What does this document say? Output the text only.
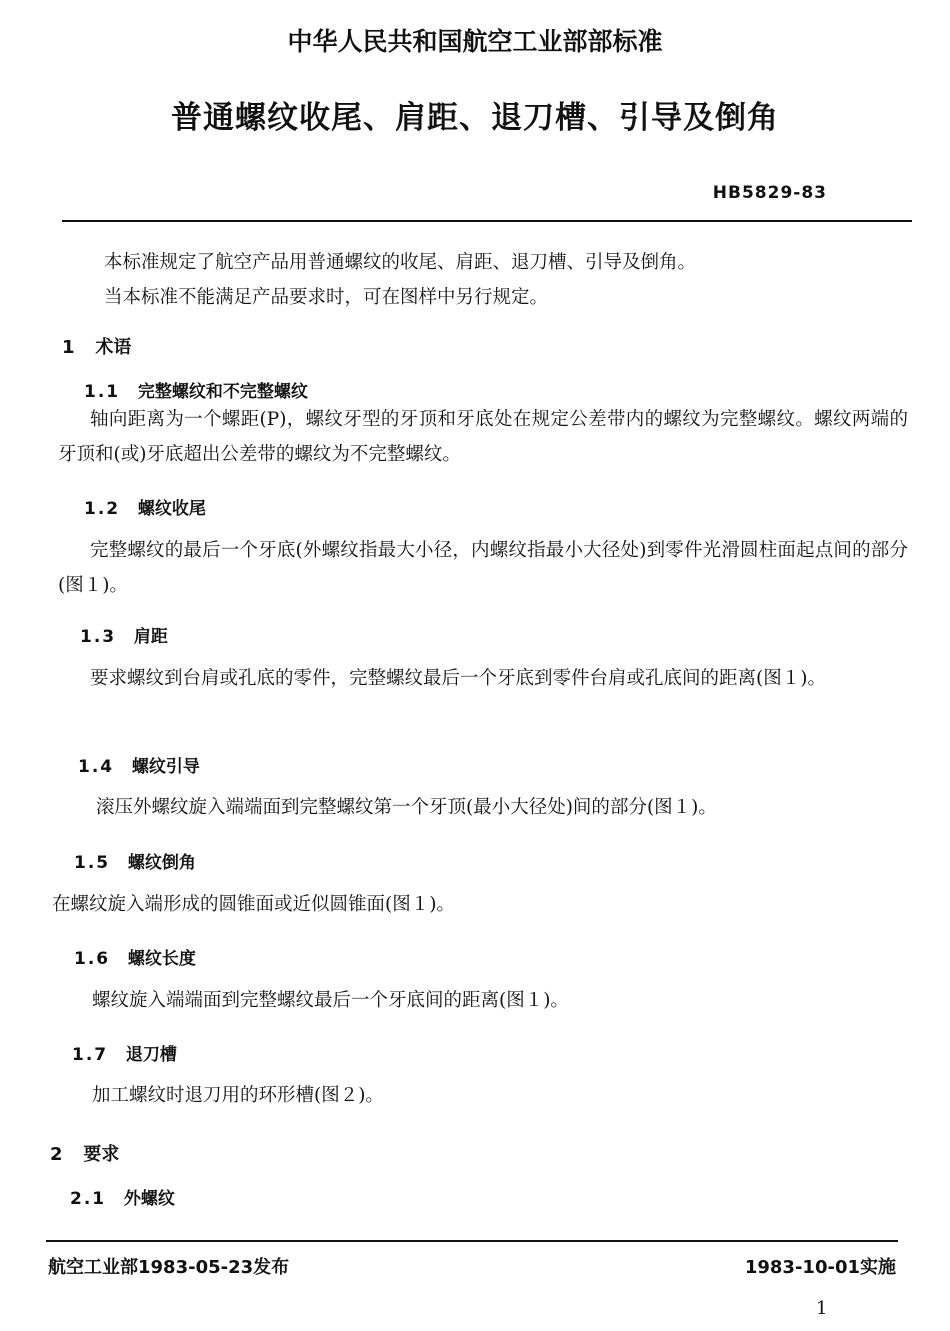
中华人民共和国航空工业部部标准
普通螺纹收尾、肩距、退刀槽、引导及倒角
HB5829-83
本标准规定了航空产品用普通螺纹的收尾、肩距、退刀槽、引导及倒角。
当本标准不能满足产品要求时，可在图样中另行规定。
1 术语
1.1 完整螺纹和不完整螺纹
轴向距离为一个螺距(P)，螺纹牙型的牙顶和牙底处在规定公差带内的螺纹为完整螺纹。螺纹两端的牙顶和(或)牙底超出公差带的螺纹为不完整螺纹。
1.2 螺纹收尾
完整螺纹的最后一个牙底(外螺纹指最大小径，内螺纹指最小大径处)到零件光滑圆柱面起点间的部分(图１)。
1.3 肩距
要求螺纹到台肩或孔底的零件，完整螺纹最后一个牙底到零件台肩或孔底间的距离(图１)。
1.4 螺纹引导
滚压外螺纹旋入端端面到完整螺纹第一个牙顶(最小大径处)间的部分(图１)。
1.5 螺纹倒角
在螺纹旋入端形成的圆锥面或近似圆锥面(图１)。
1.6 螺纹长度
螺纹旋入端端面到完整螺纹最后一个牙底间的距离(图１)。
1.7 退刀槽
加工螺纹时退刀用的环形槽(图２)。
2 要求
2.1 外螺纹
航空工业部1983-05-23发布	1983-10-01实施
1
